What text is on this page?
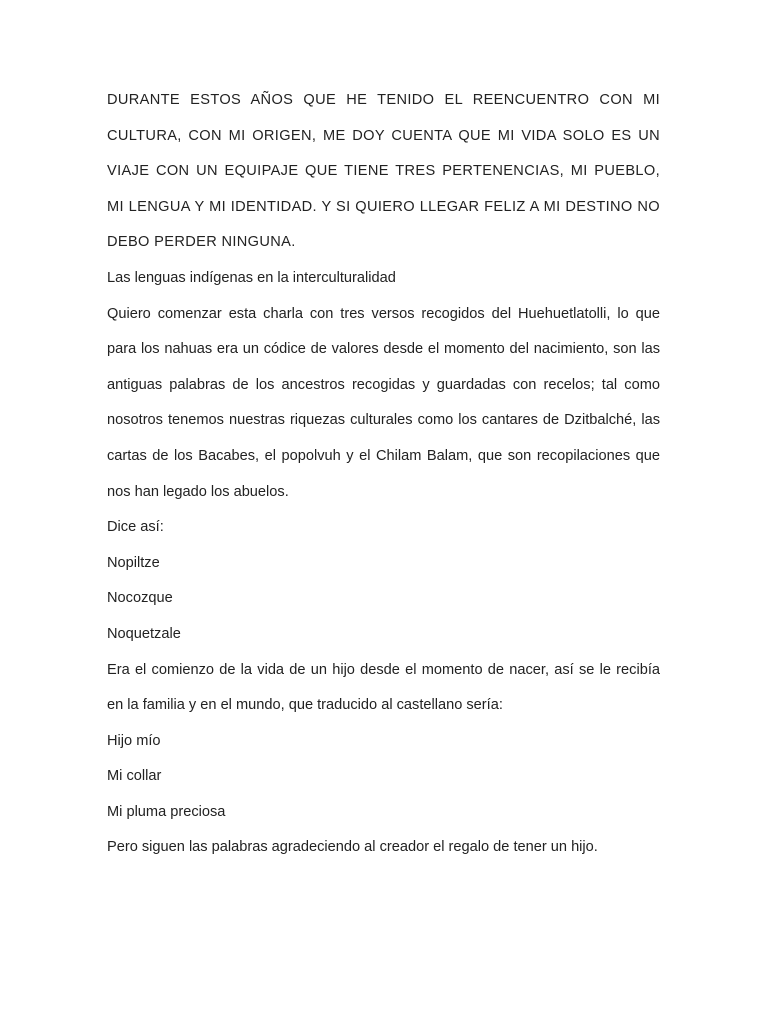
DURANTE ESTOS AÑOS QUE HE TENIDO EL REENCUENTRO CON MI CULTURA, CON MI ORIGEN, ME DOY CUENTA QUE MI VIDA SOLO ES UN VIAJE CON UN EQUIPAJE QUE TIENE TRES PERTENENCIAS, MI PUEBLO, MI LENGUA Y MI IDENTIDAD. Y SI QUIERO LLEGAR FELIZ A MI DESTINO NO DEBO PERDER NINGUNA.

Las lenguas indígenas en la interculturalidad

Quiero comenzar esta charla con tres versos recogidos del Huehuetlatolli, lo que para los nahuas era un códice de valores desde el momento del nacimiento, son las antiguas palabras de los ancestros recogidas y guardadas con recelos; tal como nosotros tenemos nuestras riquezas culturales como los cantares de Dzitbalché, las cartas de los Bacabes, el popolvuh y el Chilam Balam, que son recopilaciones que nos han legado los abuelos.

Dice así:

Nopiltze

Nocozque

Noquetzale

Era el comienzo de la vida de un hijo desde el momento de nacer, así se le recibía en la familia y en el mundo, que traducido al castellano sería:

Hijo mío

Mi collar

Mi pluma preciosa

Pero siguen las palabras agradeciendo al creador el regalo de tener un hijo.
